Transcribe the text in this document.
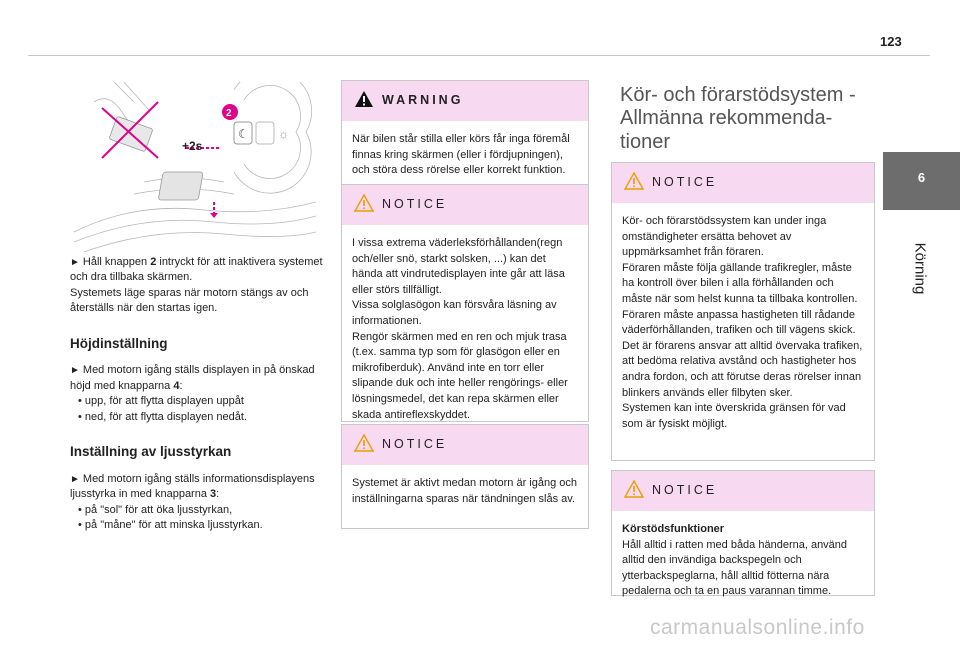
123
6
Körning
+2s
2
☾ ☼

► Håll knappen 2 intryckt för att inaktivera systemet och dra tillbaka skärmen.

Systemets läge sparas när motorn stängs av och återställs när den startas igen.

Höjdinställning

► Med motorn igång ställs displayen in på önskad höjd med knapparna 4:

• upp, för att flytta displayen uppåt
• ned, för att flytta displayen nedåt.
Inställning av ljusstyrkan

► Med motorn igång ställs informationsdisplayens ljusstyrka in med knapparna 3:

• på "sol" för att öka ljusstyrkan,
• på "måne" för att minska ljusstyrkan.
WARNING
När bilen står stilla eller körs får inga föremål finnas kring skärmen (eller i fördjupningen), och störa dess rörelse eller korrekt funktion.
NOTICE
I vissa extrema väderleksförhållanden(regn och/eller snö, starkt solsken, ...) kan det hända att vindrutedisplayen inte går att läsa eller störs tillfälligt.
Vissa solglasögon kan försvåra läsning av informationen.
Rengör skärmen med en ren och mjuk trasa (t.ex. samma typ som för glasögon eller en mikrofiberduk). Använd inte en torr eller slipande duk och inte heller rengörings- eller lösningsmedel, det kan repa skärmen eller skada antireflexskyddet.
NOTICE
Systemet är aktivt medan motorn är igång och inställningarna sparas när tändningen slås av.
Kör- och förarstödsystem - Allmänna rekommenda-tioner
NOTICE
Kör- och förarstödssystem kan under inga omständigheter ersätta behovet av uppmärksamhet från föraren.
Föraren måste följa gällande trafikregler, måste ha kontroll över bilen i alla förhållanden och måste när som helst kunna ta tillbaka kontrollen. Föraren måste anpassa hastigheten till rådande väderförhållanden, trafiken och till vägens skick.
Det är förarens ansvar att alltid övervaka trafiken, att bedöma relativa avstånd och hastigheter hos andra fordon, och att förutse deras rörelser innan blinkers används eller filbyten sker.
Systemen kan inte överskrida gränsen för vad som är fysiskt möjligt.
NOTICE
Körstödsfunktioner
Håll alltid i ratten med båda händerna, använd alltid den invändiga backspegeln och ytterbackspeglarna, håll alltid fötterna nära pedalerna och ta en paus varannan timme.
carmanualsonline.info
